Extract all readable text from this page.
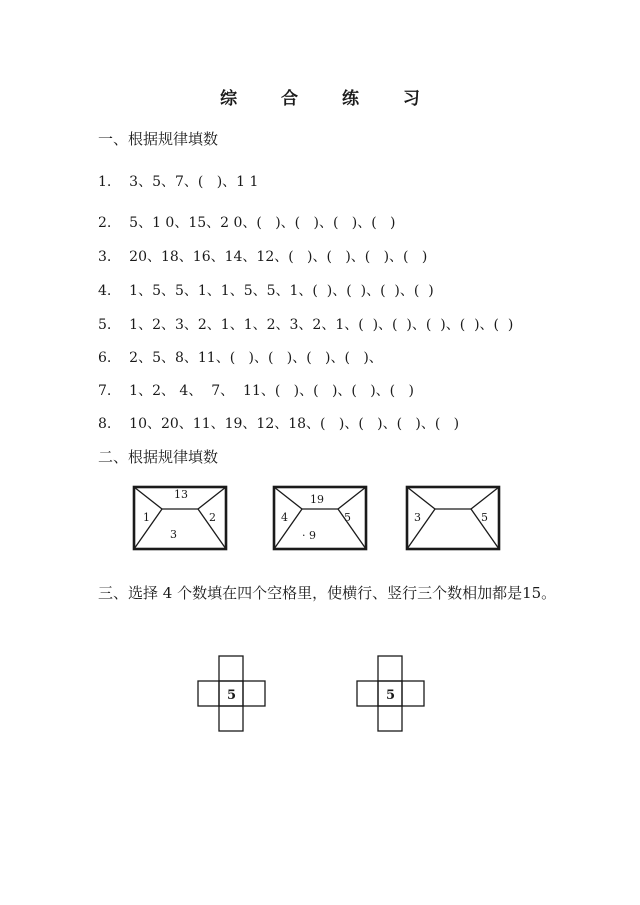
综 合 练 习
一、根据规律填数
1.    3、5、7、(   )、1 1
2.    5、1 0、15、2 0、(   )、(   )、(   )、(   )
3.    20、18、16、14、12、(   )、(   )、(   )、(   )
4.    1、5、5、1、1、5、5、1、(  )、(  )、(  )、(  )
5.    1、2、3、2、1、1、2、3、2、1、(  )、(  )、(  )、(  )、(  )
6.    2、5、8、11、(   )、(   )、(   )、(   )、
7.    1、2、 4、  7、  11、(   )、(   )、(   )、(   )
8.    10、20、11、19、12、18、(   )、(   )、(   )、(   )
二、根据规律填数
13
1	2
3
19
4	5
· 9
3	5
三、选择 4 个数填在四个空格里，使横行、竖行三个数相加都是15。
5	5
